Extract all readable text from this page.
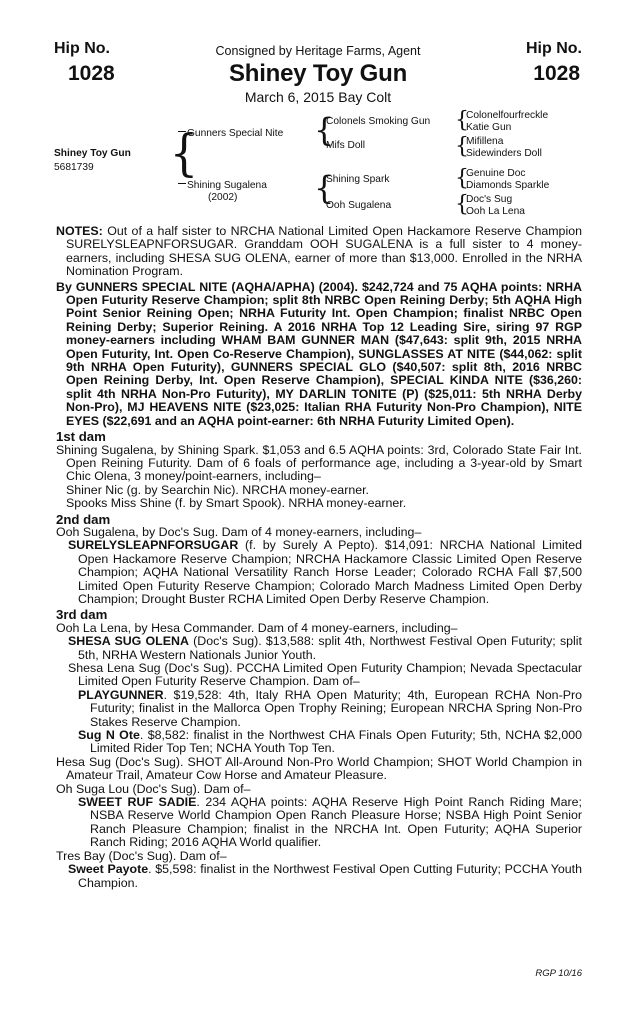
Hip No.
1028
Hip No.
1028
Consigned by Heritage Farms, Agent
Shiney Toy Gun
March 6, 2015 Bay Colt
Shiney Toy Gun
5681739 {
Gunners Special Nite
Shining Sugalena
(2002)
{
Colonels Smoking Gun
Mifs Doll
{
Shining Spark
Ooh Sugalena
{
Colonelfourfreckle
Katie Gun
{
Mifillena
Sidewinders Doll
{
Genuine Doc
Diamonds Sparkle
{
Doc's Sug
Ooh La Lena

NOTES: Out of a half sister to NRCHA National Limited Open Hackamore Reserve Champion SURELYSLEAPNFORSUGAR. Granddam OOH SUGALENA is a full sister to 4 money-earners, including SHESA SUG OLENA, earner of more than $13,000. Enrolled in the NRHA Nomination Program.

By GUNNERS SPECIAL NITE (AQHA/APHA) (2004). $242,724 and 75 AQHA points: NRHA Open Futurity Reserve Champion; split 8th NRBC Open Reining Derby; 5th AQHA High Point Senior Reining Open; NRHA Futurity Int. Open Champion; finalist NRBC Open Reining Derby; Superior Reining. A 2016 NRHA Top 12 Leading Sire, siring 97 RGP money-earners including WHAM BAM GUNNER MAN ($47,643: split 9th, 2015 NRHA Open Futurity, Int. Open Co-Reserve Champion), SUNGLASSES AT NITE ($44,062: split 9th NRHA Open Futurity), GUNNERS SPECIAL GLO ($40,507: split 8th, 2016 NRBC Open Reining Derby, Int. Open Reserve Champion), SPECIAL KINDA NITE ($36,260: split 4th NRHA Non-Pro Futurity), MY DARLIN TONITE (P) ($25,011: 5th NRHA Derby Non-Pro), MJ HEAVENS NITE ($23,025: Italian RHA Futurity Non-Pro Champion), NITE EYES ($22,691 and an AQHA point-earner: 6th NRHA Futurity Limited Open).

1st dam

Shining Sugalena, by Shining Spark. $1,053 and 6.5 AQHA points: 3rd, Colorado State Fair Int. Open Reining Futurity. Dam of 6 foals of performance age, including a 3-year-old by Smart Chic Olena, 3 money/point-earners, including–

Shiner Nic (g. by Searchin Nic). NRCHA money-earner.

Spooks Miss Shine (f. by Smart Spook). NRHA money-earner.

2nd dam

Ooh Sugalena, by Doc's Sug. Dam of 4 money-earners, including–

SURELYSLEAPNFORSUGAR (f. by Surely A Pepto). $14,091: NRCHA National Limited Open Hackamore Reserve Champion; NRCHA Hackamore Classic Limited Open Reserve Champion; AQHA National Versatility Ranch Horse Leader; Colorado RCHA Fall $7,500 Limited Open Futurity Reserve Champion; Colorado March Madness Limited Open Derby Champion; Drought Buster RCHA Limited Open Derby Reserve Champion.

3rd dam

Ooh La Lena, by Hesa Commander. Dam of 4 money-earners, including–

SHESA SUG OLENA (Doc's Sug). $13,588: split 4th, Northwest Festival Open Futurity; split 5th, NRHA Western Nationals Junior Youth.

Shesa Lena Sug (Doc's Sug). PCCHA Limited Open Futurity Champion; Nevada Spectacular Limited Open Futurity Reserve Champion. Dam of–

PLAYGUNNER. $19,528: 4th, Italy RHA Open Maturity; 4th, European RCHA Non-Pro Futurity; finalist in the Mallorca Open Trophy Reining; European NRCHA Spring Non-Pro Stakes Reserve Champion.

Sug N Ote. $8,582: finalist in the Northwest CHA Finals Open Futurity; 5th, NCHA $2,000 Limited Rider Top Ten; NCHA Youth Top Ten.

Hesa Sug (Doc's Sug). SHOT All-Around Non-Pro World Champion; SHOT World Champion in Amateur Trail, Amateur Cow Horse and Amateur Pleasure.

Oh Suga Lou (Doc's Sug). Dam of–

SWEET RUF SADIE. 234 AQHA points: AQHA Reserve High Point Ranch Riding Mare; NSBA Reserve World Champion Open Ranch Pleasure Horse; NSBA High Point Senior Ranch Pleasure Champion; finalist in the NRCHA Int. Open Futurity; AQHA Superior Ranch Riding; 2016 AQHA World qualifier.

Tres Bay (Doc's Sug). Dam of–

Sweet Payote. $5,598: finalist in the Northwest Festival Open Cutting Futurity; PCCHA Youth Champion.

RGP 10/16
